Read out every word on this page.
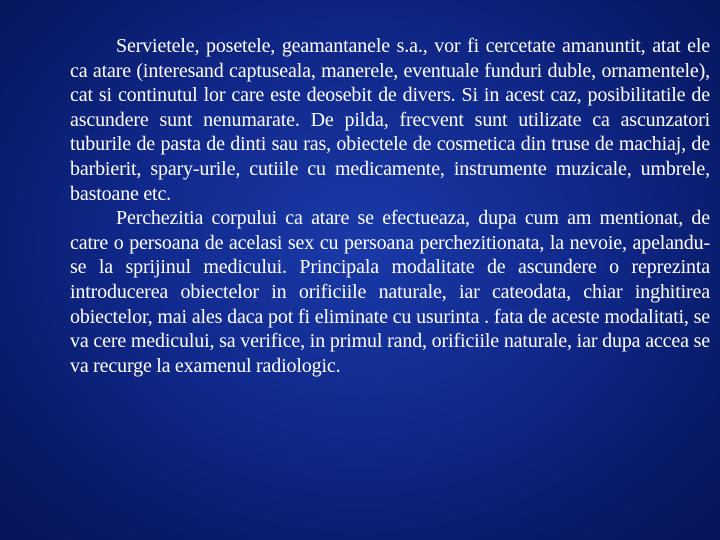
Servietele, posetele, geamantanele s.a., vor fi cercetate amanuntit, atat ele ca atare (interesand captuseala, manerele, eventuale funduri duble, ornamentele), cat si continutul lor care este deosebit de divers. Si in acest caz, posibilitatile de ascundere sunt nenumarate. De pilda, frecvent sunt utilizate ca ascunzatori tuburile de pasta de dinti sau ras, obiectele de cosmetica din truse de machiaj, de barbierit, spary-urile, cutiile cu medicamente, instrumente muzicale, umbrele, bastoane etc.

Perchezitia corpului ca atare se efectueaza, dupa cum am mentionat, de catre o persoana de acelasi sex cu persoana perchezitionata, la nevoie, apelandu-se la sprijinul medicului. Principala modalitate de ascundere o reprezinta introducerea obiectelor in orificiile naturale, iar cateodata, chiar inghitirea obiectelor, mai ales daca pot fi eliminate cu usurinta . fata de aceste modalitati, se va cere medicului, sa verifice, in primul rand, orificiile naturale, iar dupa accea se va recurge la examenul radiologic.
